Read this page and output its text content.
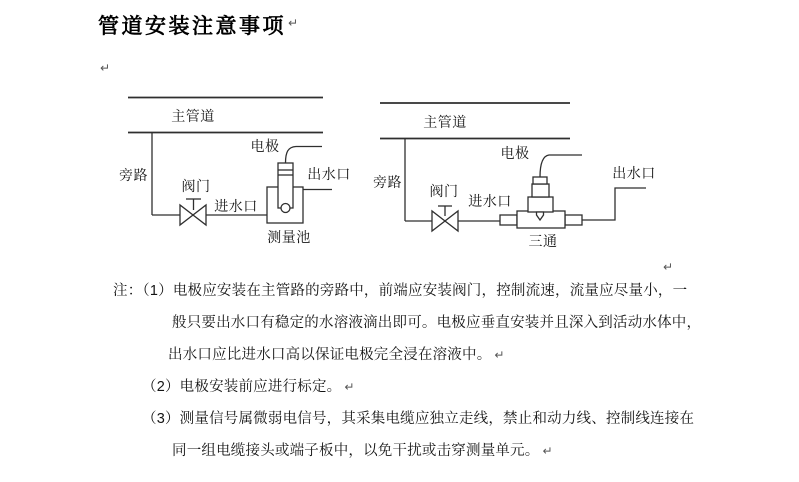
管道安装注意事项 ↵
↵
↵
主管道
旁路
阀门
进水口
出水口
电极
测量池
主管道
旁路
阀门
进水口
电极
出水口
三通
注：（1）电极应安装在主管路的旁路中，前端应安装阀门，控制流速，流量应尽量小，一
般只要出水口有稳定的水溶液滴出即可。电极应垂直安装并且深入到活动水体中，
出水口应比进水口高以保证电极完全浸在溶液中。 ↵
（2）电极安装前应进行标定。 ↵
（3）测量信号属微弱电信号，其采集电缆应独立走线，禁止和动力线、控制线连接在
同一组电缆接头或端子板中，以免干扰或击穿测量单元。 ↵
